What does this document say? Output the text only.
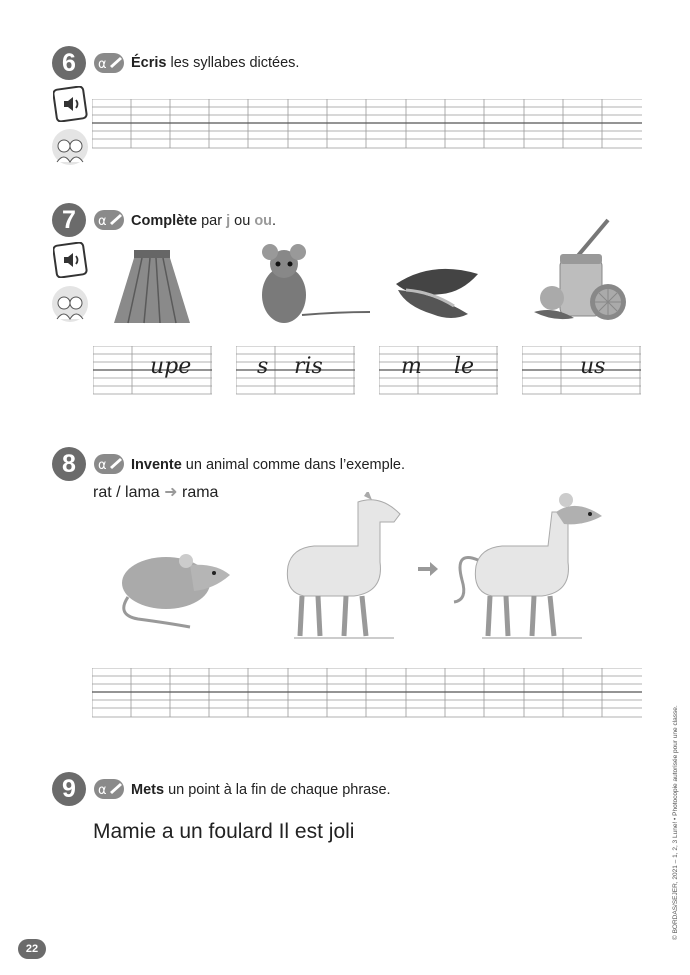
6 α Écris les syllabes dictées.
7 α Complète par j ou ou.
upe	s ris	m le	us
8 α Invente un animal comme dans l’exemple.
rat / lama ➜ rama
9 α Mets un point à la fin de chaque phrase.
Mamie a un foulard Il est joli
22
© BORDAS/SEJER, 2021 – 1, 2, 3 Lune! • Photocopie autorisée pour une classe.
